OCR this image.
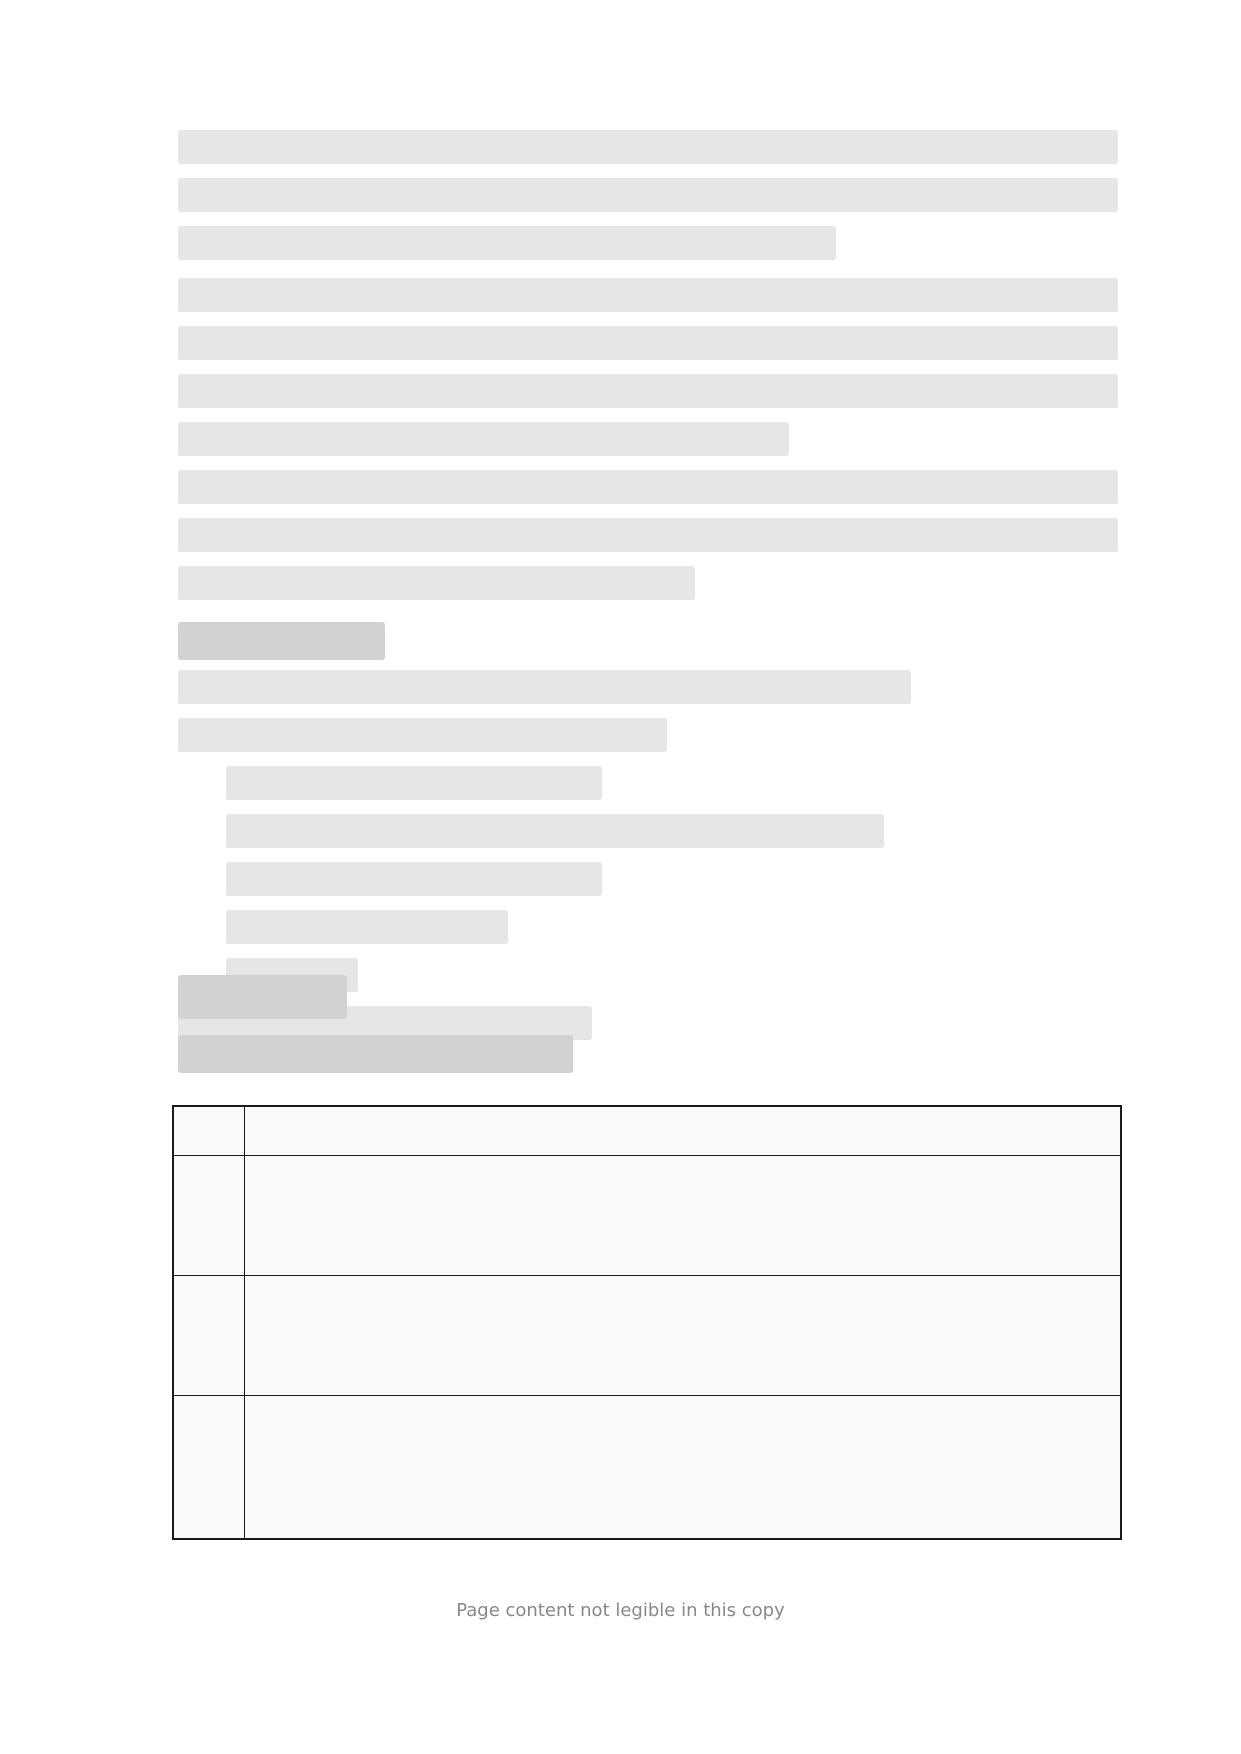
Page content not legible in this copy
